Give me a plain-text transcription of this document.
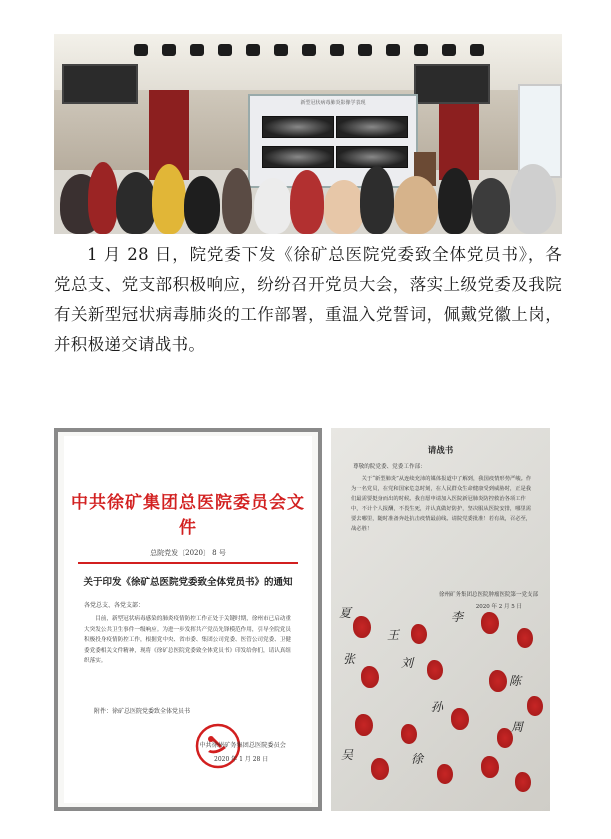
新型冠状病毒肺炎影像学表现

1 月 28 日，院党委下发《徐矿总医院党委致全体党员书》，各党总支、党支部积极响应，纷纷召开党员大会，落实上级党委及我院有关新型冠状病毒肺炎的工作部署，重温入党誓词，佩戴党徽上岗，并积极递交请战书。

中共徐矿集团总医院委员会文件
总院党发〔2020〕 8 号
关于印发《徐矿总医院党委致全体党员书》的通知
各党总支、各党支部：

目前，新型冠状病毒感染的肺炎疫情防控工作正处于关键时期，徐州市已启动重大突发公共卫生事件一级响应。为进一步发挥共产党员先锋模范作用，引导全院党员积极投身疫情防控工作，根据党中央、省市委、集团公司党委、医管公司党委、卫健委党委相关文件精神，现将《徐矿总医院党委致全体党员书》印发给你们，请认真组织落实。

附件：徐矿总医院党委致全体党员书
中共徐州矿务集团总医院委员会
2020 年 1 月 28 日
请战书
尊敬的院党委、党委工作部：

关于“新型肺炎”从连续充沛的媒体报道中了解到，我国疫情形势严峻。作为一名党员，在党和国家危急时刻，在人民群众生命健康受到威胁时，正是我们最需要挺身而出的时候。我自愿申请加入医院新冠肺炎防控救治各项工作中，不计个人报酬，不畏生死，并认真做好防护，坚决服从医院安排，哪里需要去哪里，随时准备奔赴抗击疫情最前线。请院党委批准！若有战，召必至，战必胜！

徐州矿务集团总医院肿瘤医院第一党支部
2020 年 2 月 5 日
夏
王
李
张	刘
陈
孙
周
吴	徐
